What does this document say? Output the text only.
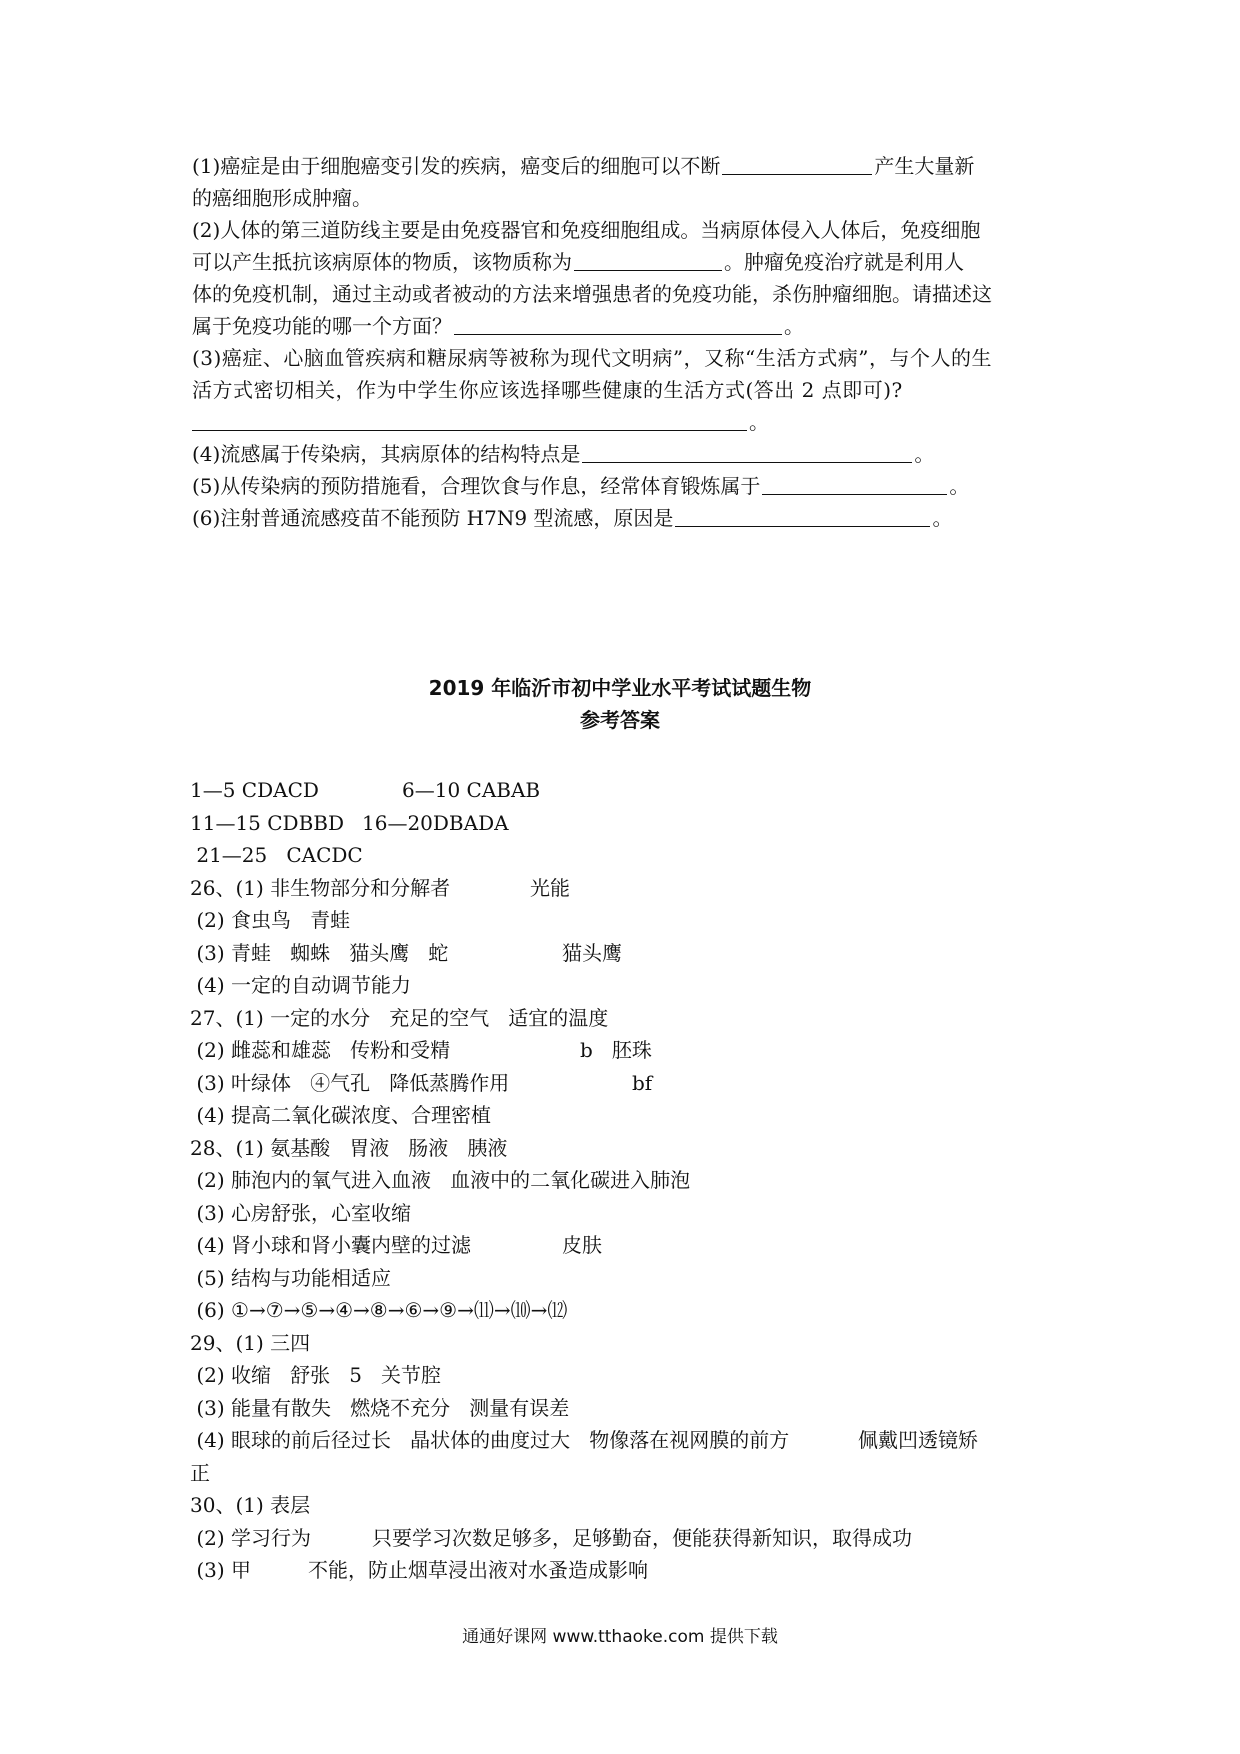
(1)癌症是由于细胞癌变引发的疾病，癌变后的细胞可以不断	产生大量新
的癌细胞形成肿瘤。
(2)人体的第三道防线主要是由免疫器官和免疫细胞组成。当病原体侵入人体后，免疫细胞
可以产生抵抗该病原体的物质，该物质称为	。肿瘤免疫治疗就是利用人
体的免疫机制，通过主动或者被动的方法来增强患者的免疫功能，杀伤肿瘤细胞。请描述这
属于免疫功能的哪一个方面？	。
(3)癌症、心脑血管疾病和糖尿病等被称为现代文明病”，又称“生活方式病”，与个人的生
活方式密切相关，作为中学生你应该选择哪些健康的生活方式(答出 2 点即可)?
。
(4)流感属于传染病，其病原体的结构特点是	。
(5)从传染病的预防措施看，合理饮食与作息，经常体育锻炼属于	。
(6)注射普通流感疫苗不能预防 H7N9 型流感，原因是	。
2019 年临沂市初中学业水平考试试题生物
参考答案
1—5 CDACD	6—10 CABAB
11—15 CDBBD 16—20DBADA
21—25   CACDC
26、(1) 非生物部分和分解者	光能
(2) 食虫鸟   青蛙
(3) 青蛙   蜘蛛   猫头鹰   蛇	猫头鹰
(4) 一定的自动调节能力
27、(1) 一定的水分   充足的空气   适宜的温度
(2) 雌蕊和雄蕊   传粉和受精	b   胚珠
(3) 叶绿体   ④气孔   降低蒸腾作用	bf
(4) 提高二氧化碳浓度、合理密植
28、(1) 氨基酸   胃液   肠液   胰液
(2) 肺泡内的氧气进入血液   血液中的二氧化碳进入肺泡
(3) 心房舒张，心室收缩
(4) 肾小球和肾小囊内壁的过滤	皮肤
(5) 结构与功能相适应
(6) ①→⑦→⑤→④→⑧→⑥→⑨→⑾→⑽→⑿
29、(1) 三四
(2) 收缩   舒张   5   关节腔
(3) 能量有散失   燃烧不充分   测量有误差
(4) 眼球的前后径过长   晶状体的曲度过大   物像落在视网膜的前方	佩戴凹透镜矫
正
30、(1) 表层
(2) 学习行为	只要学习次数足够多，足够勤奋，便能获得新知识，取得成功
(3) 甲	不能，防止烟草浸出液对水蚤造成影响
通通好课网 www.tthaoke.com 提供下载
